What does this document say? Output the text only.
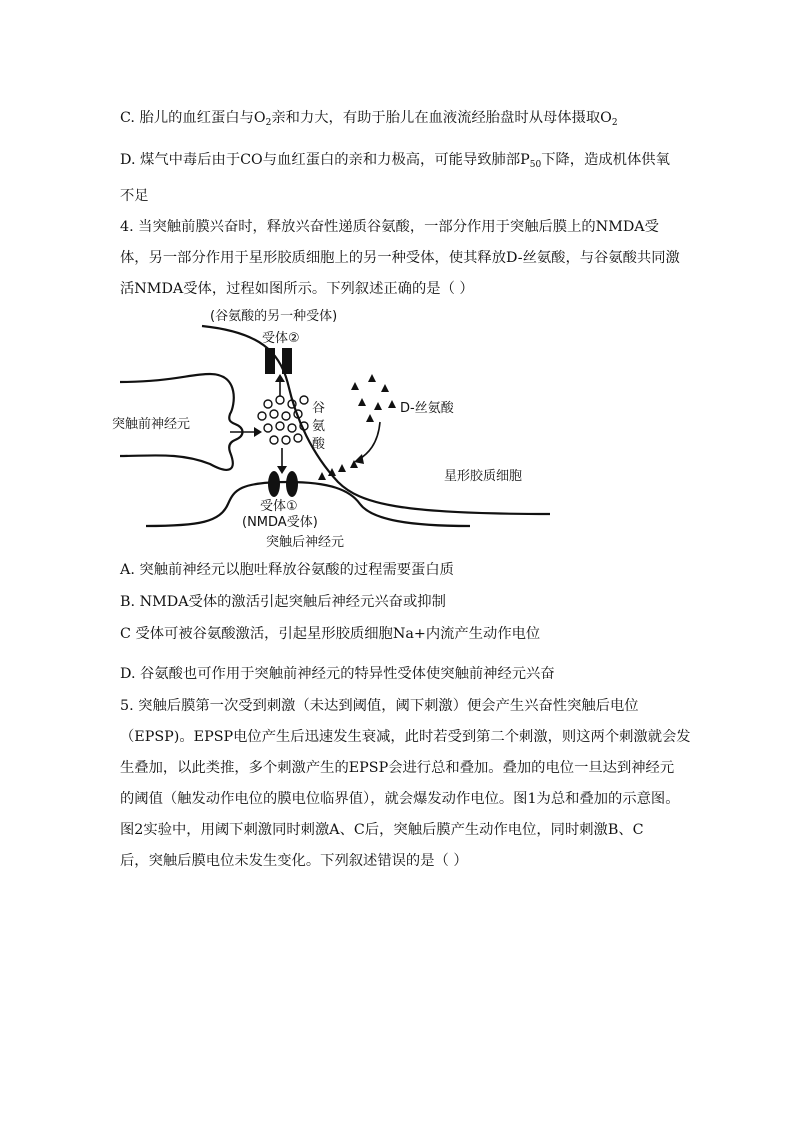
C. 胎儿的血红蛋白与$O_2$亲和力大，有助于胎儿在血液流经胎盘时从母体摄取$O_2$
D. 煤气中毒后由于CO与血红蛋白的亲和力极高，可能导致肺部$P_{50}$下降，造成机体供氧
不足
4. 当突触前膜兴奋时，释放兴奋性递质谷氨酸，一部分作用于突触后膜上的NMDA受
体，另一部分作用于星形胶质细胞上的另一种受体，使其释放D-丝氨酸，与谷氨酸共同激
活NMDA受体，过程如图所示。下列叙述正确的是（ ）
(谷氨酸的另一种受体)
受体②
谷
氨
酸
D-丝氨酸
突触前神经元
星形胶质细胞
受体①
(NMDA受体)
突触后神经元
A. 突触前神经元以胞吐释放谷氨酸的过程需要蛋白质
B. NMDA受体的激活引起突触后神经元兴奋或抑制
C 受体可被谷氨酸激活，引起星形胶质细胞Na+内流产生动作电位
D. 谷氨酸也可作用于突触前神经元的特异性受体使突触前神经元兴奋
5. 突触后膜第一次受到刺激（未达到阈值，阈下刺激）便会产生兴奋性突触后电位
（EPSP)。EPSP电位产生后迅速发生衰减，此时若受到第二个刺激，则这两个刺激就会发
生叠加，以此类推，多个刺激产生的EPSP会进行总和叠加。叠加的电位一旦达到神经元
的阈值（触发动作电位的膜电位临界值），就会爆发动作电位。图1为总和叠加的示意图。
图2实验中，用阈下刺激同时刺激A、C后，突触后膜产生动作电位，同时刺激B、C
后，突触后膜电位未发生变化。下列叙述错误的是（ ）
